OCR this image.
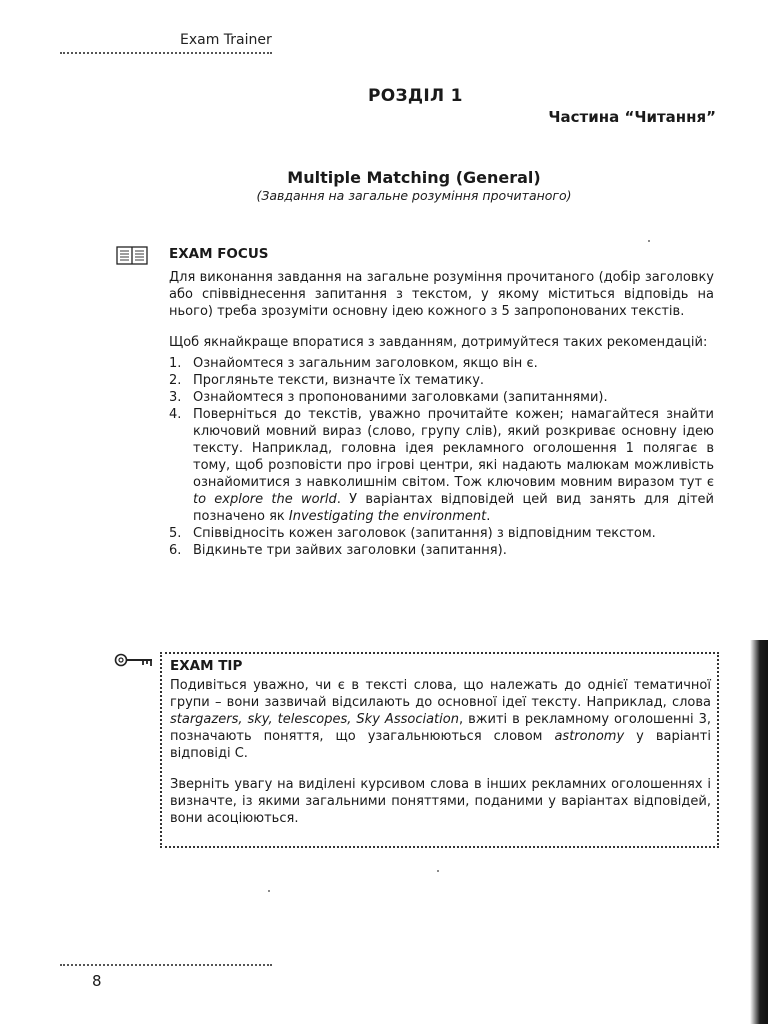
Exam Trainer
РОЗДІЛ 1
Частина “Читання”
Multiple Matching (General)
(Завдання на загальне розуміння прочитаного)
EXAM FOCUS

Для виконання завдання на загальне розуміння прочитаного (добір заголовку або співвіднесення запитання з текстом, у якому міститься відповідь на нього) треба зрозуміти основну ідею кожного з 5 запропонованих текстів.

Щоб якнайкраще впоратися з завданням, дотримуйтеся таких рекомендацій:

1. Ознайомтеся з загальним заголовком, якщо він є.
2. Прогляньте тексти, визначте їх тематику.
3. Ознайомтеся з пропонованими заголовками (запитаннями).
4. Поверніться до текстів, уважно прочитайте кожен; намагайтеся знайти ключовий мовний вираз (слово, групу слів), який розкриває основну ідею тексту. Наприклад, головна ідея рекламного оголошення 1 полягає в тому, щоб розповісти про ігрові центри, які надають малюкам можливість ознайомитися з навколишнім світом. Тож ключовим мовним виразом тут є to explore the world. У варіантах відповідей цей вид занять для дітей позначено як Investigating the environment.
5. Співвідносіть кожен заголовок (запитання) з відповідним текстом.
6. Відкиньте три зайвих заголовки (запитання).
EXAM TIP

Подивіться уважно, чи є в тексті слова, що належать до однієї тематичної групи – вони зазвичай відсилають до основної ідеї тексту. Наприклад, слова stargazers, sky, telescopes, Sky Association, вжиті в рекламному оголошенні 3, позначають поняття, що узагальнюються словом astronomy у варіанті відповіді С.

Зверніть увагу на виділені курсивом слова в інших рекламних оголошеннях і визначте, із якими загальними поняттями, поданими у варіантах відповідей, вони асоціюються.

8
